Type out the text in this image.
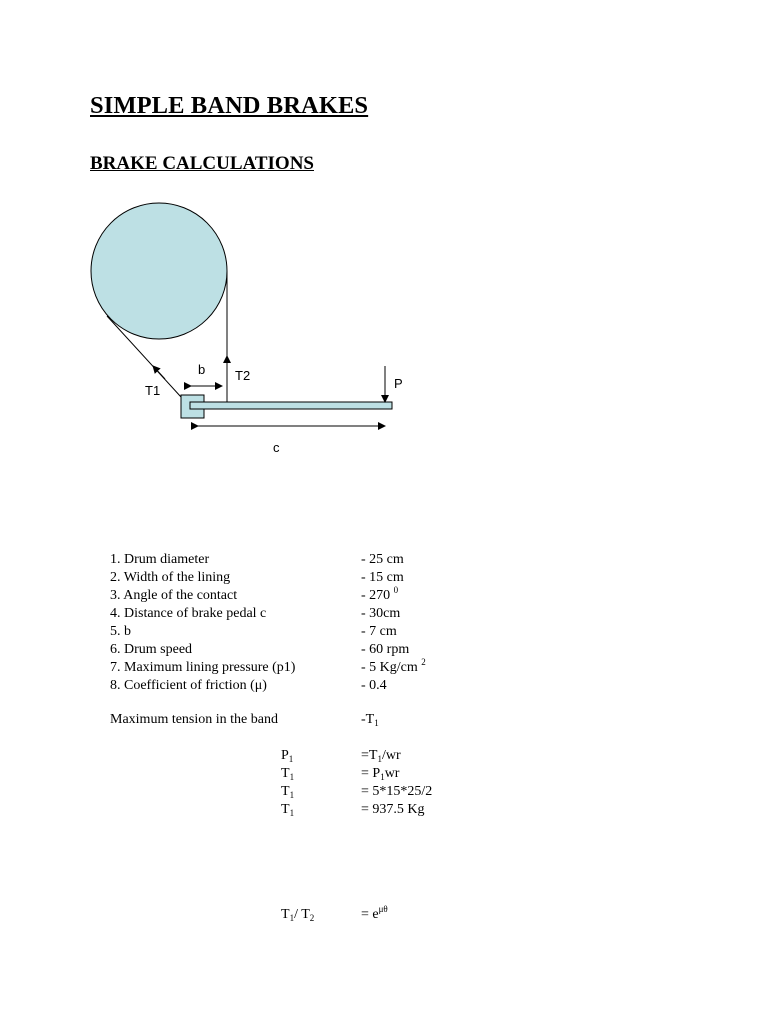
SIMPLE BAND BRAKES
BRAKE CALCULATIONS
b T2
T1	P
c
1. Drum diameter	- 25 cm
2. Width of the lining	- 15 cm
3. Angle of the contact	- 270 $^0$
4. Distance of brake pedal c	- 30cm
5. b	- 7 cm
6. Drum speed	- 60 rpm
7. Maximum lining pressure (p1)	- 5 Kg/cm $^2$
8. Coefficient of friction (μ)	- 0.4
Maximum tension in the band	$-T_1$
$P_1$	$=T_1/wr$
$T_1$	= $P_1wr$
$T_1$	= 5*15*25/2
$T_1$	= 937.5 Kg
$T_1/$ $T_2$	= $e^{\mu\theta}$
